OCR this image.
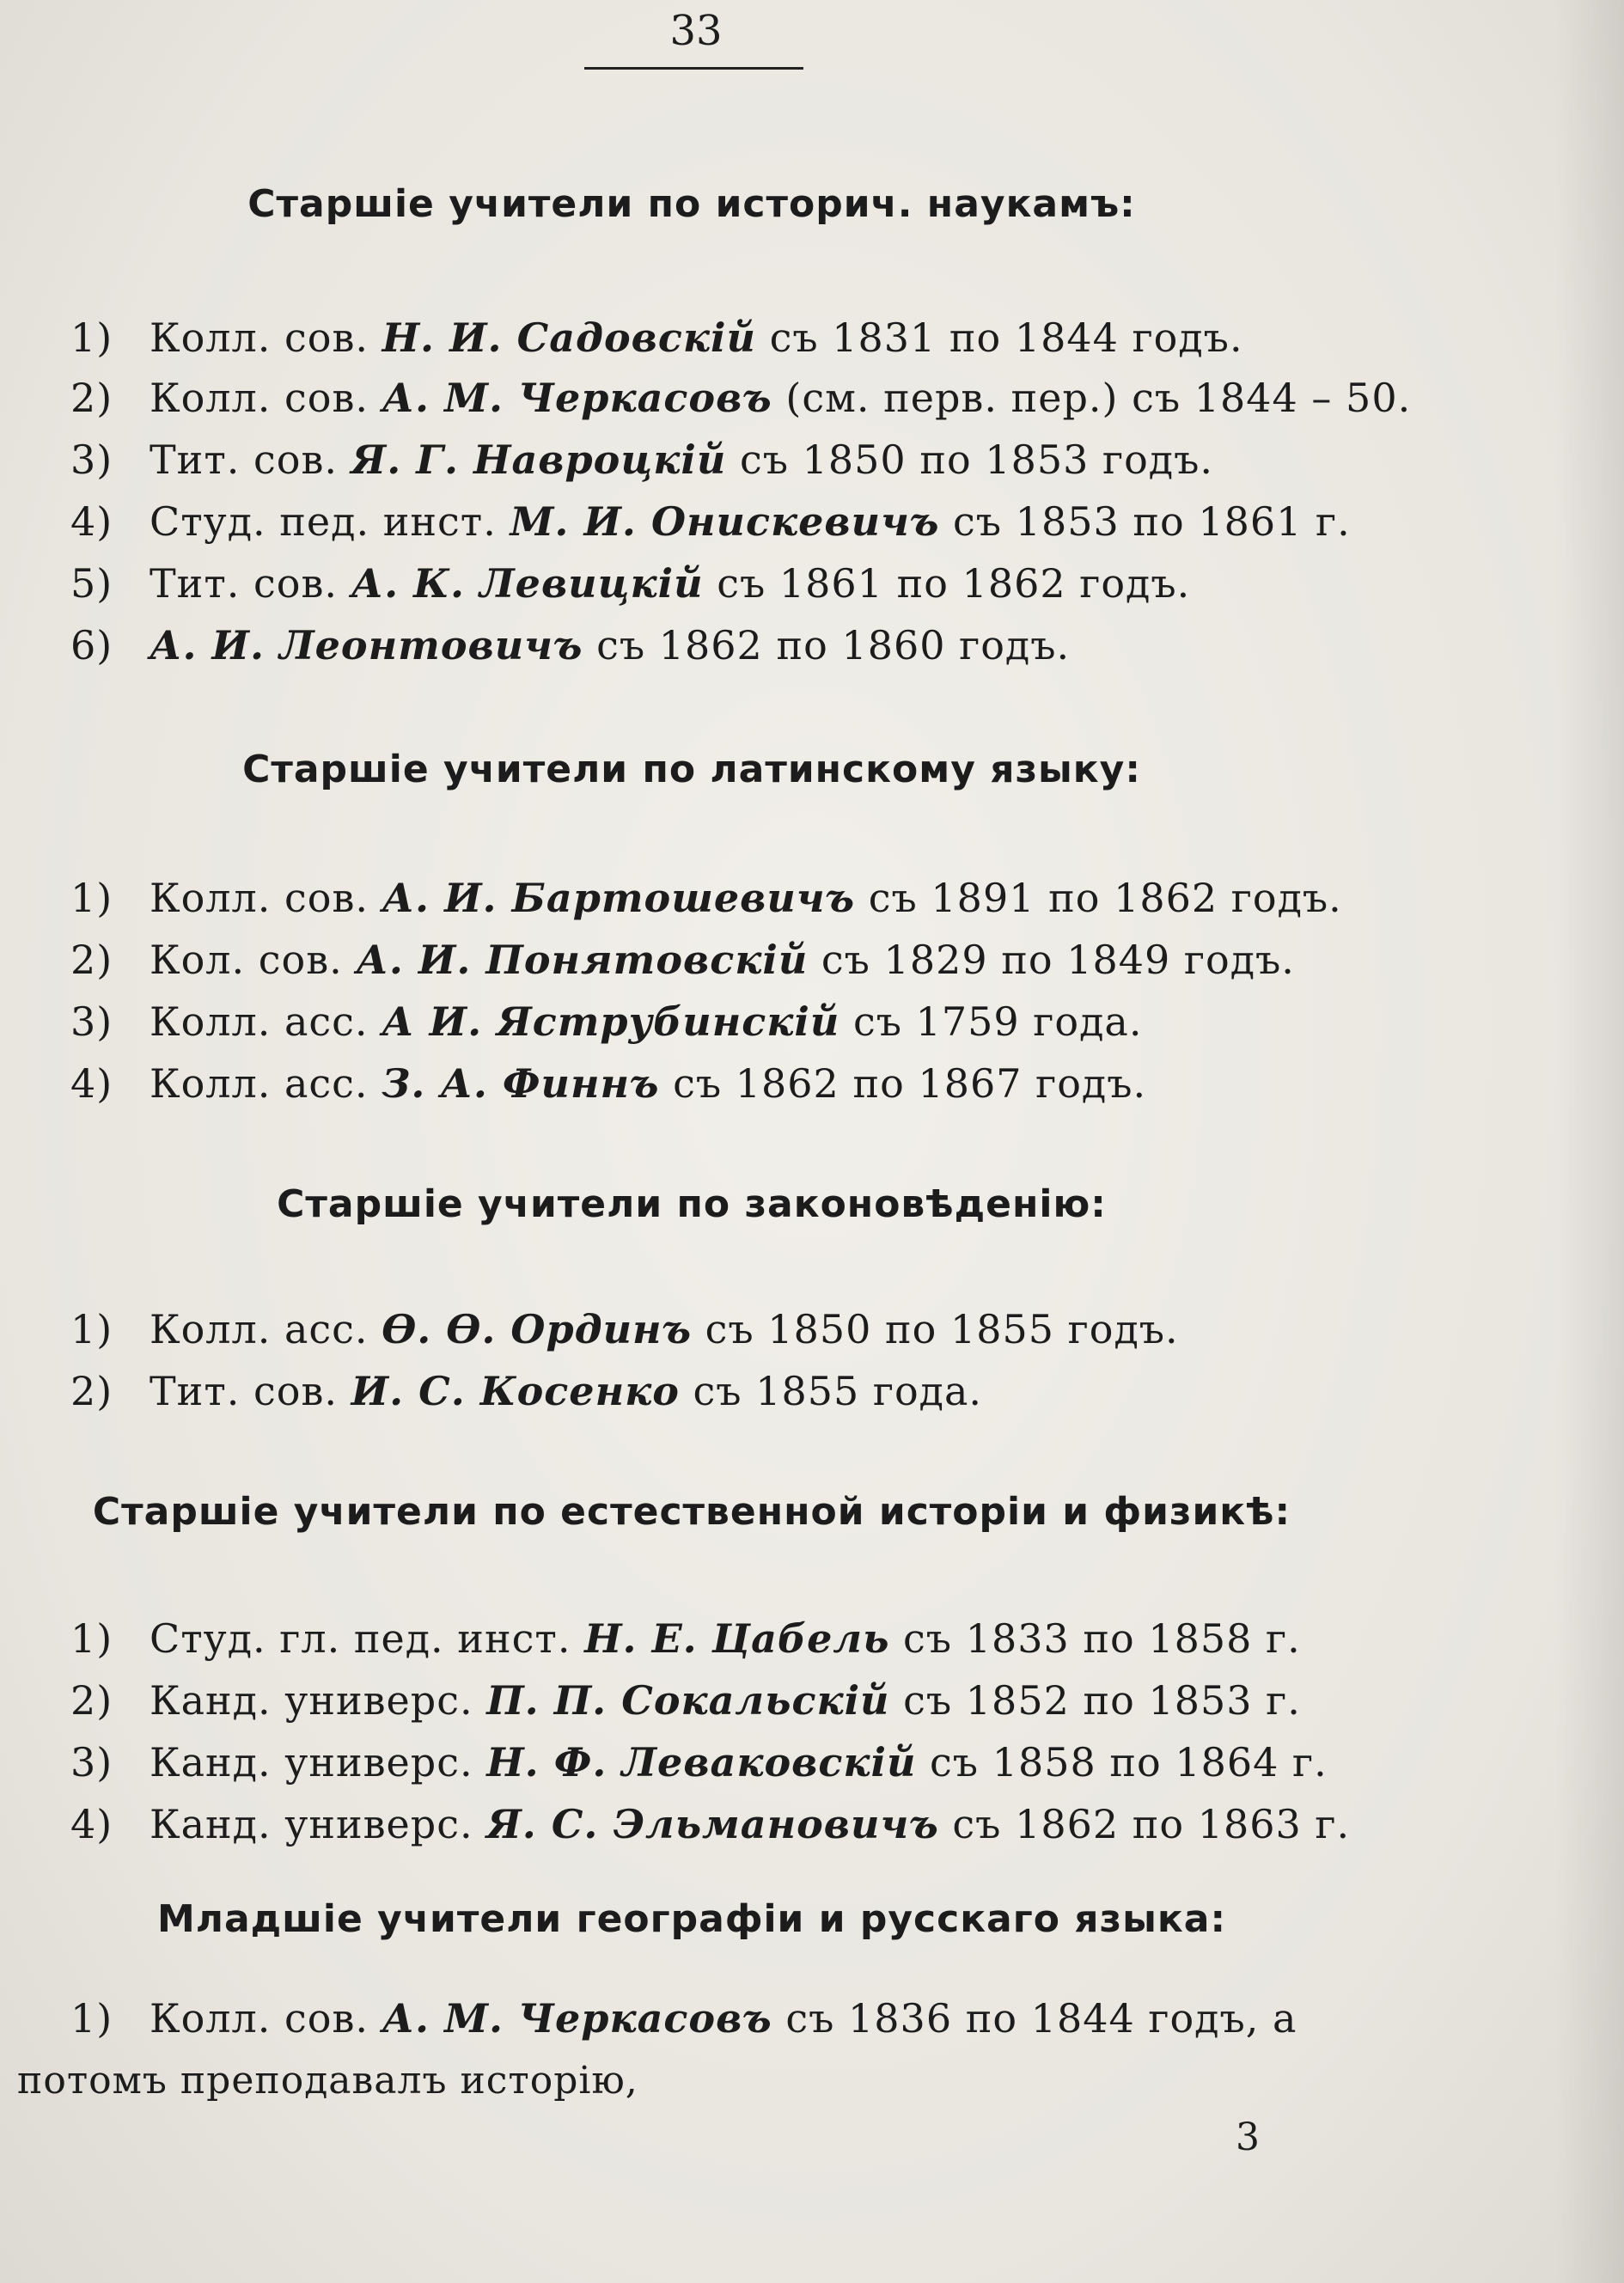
33
Старшіе учители по историч. наукамъ:
1) Колл. сов. Н. И. Садовскій съ 1831 по 1844 годъ.
2) Колл. сов. А. М. Черкасовъ (см. перв. пер.) съ 1844 – 50.
3) Тит. сов. Я. Г. Навроцкій съ 1850 по 1853 годъ.
4) Студ. пед. инст. М. И. Онискевичъ съ 1853 по 1861 г.
5) Тит. сов. А. К. Левицкій съ 1861 по 1862 годъ.
6) А. И. Леонтовичъ съ 1862 по 1860 годъ.
Старшіе учители по латинскому языку:
1) Колл. сов. А. И. Бартошевичъ съ 1891 по 1862 годъ.
2) Кол. сов. А. И. Понятовскій съ 1829 по 1849 годъ.
3) Колл. асс. А И. Яструбинскій съ 1759 года.
4) Колл. асс. З. А. Финнъ съ 1862 по 1867 годъ.
Старшіе учители по законовѣденію:
1) Колл. асс. Ѳ. Ѳ. Ординъ съ 1850 по 1855 годъ.
2) Тит. сов. И. С. Косенко съ 1855 года.
Старшіе учители по естественной исторіи и физикѣ:
1) Студ. гл. пед. инст. Н. Е. Цабель съ 1833 по 1858 г.
2) Канд. универс. П. П. Сокальскій съ 1852 по 1853 г.
3) Канд. универс. Н. Ф. Леваковскій съ 1858 по 1864 г.
4) Канд. универс. Я. С. Эльмановичъ съ 1862 по 1863 г.
Младшіе учители географіи и русскаго языка:
1) Колл. сов. А. М. Черкасовъ съ 1836 по 1844 годъ, а
потомъ преподавалъ исторію,
3
